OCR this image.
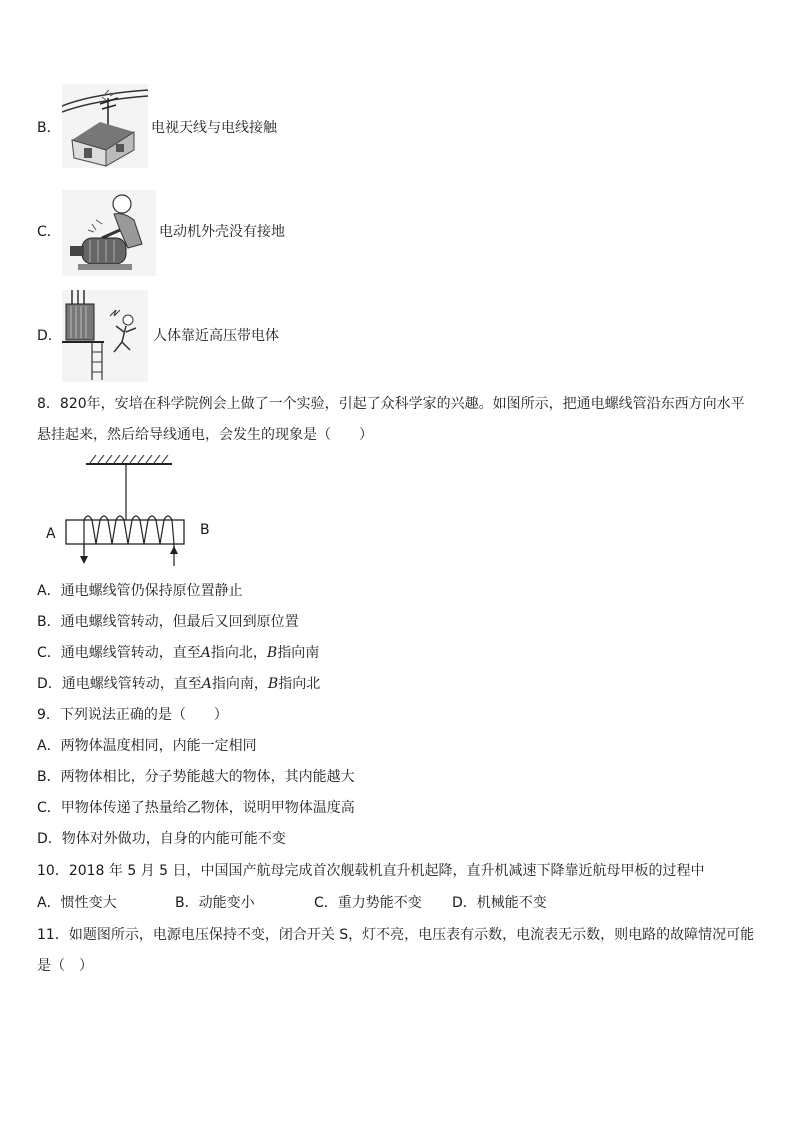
B．	电视天线与电线接触
C．	电动机外壳没有接地
D．	人体靠近高压带电体
8．820年，安培在科学院例会上做了一个实验，引起了众科学家的兴趣。如图所示，把通电螺线管沿东西方向水平
悬挂起来，然后给导线通电，会发生的现象是（　　）
A	B
A．通电螺线管仍保持原位置静止
B．通电螺线管转动，但最后又回到原位置
C．通电螺线管转动，直至A指向北，B指向南
D．通电螺线管转动，直至A指向南，B指向北
9．下列说法正确的是（　　）
A．两物体温度相同，内能一定相同
B．两物体相比，分子势能越大的物体，其内能越大
C．甲物体传递了热量给乙物体，说明甲物体温度高
D．物体对外做功，自身的内能可能不变
10．2018 年 5 月 5 日，中国国产航母完成首次舰载机直升机起降，直升机减速下降靠近航母甲板的过程中
A．惯性变大	B．动能变小	C．重力势能不变 D．机械能不变
11．如题图所示，电源电压保持不变，闭合开关 S，灯不亮，电压表有示数，电流表无示数，则电路的故障情况可能
是（　）
